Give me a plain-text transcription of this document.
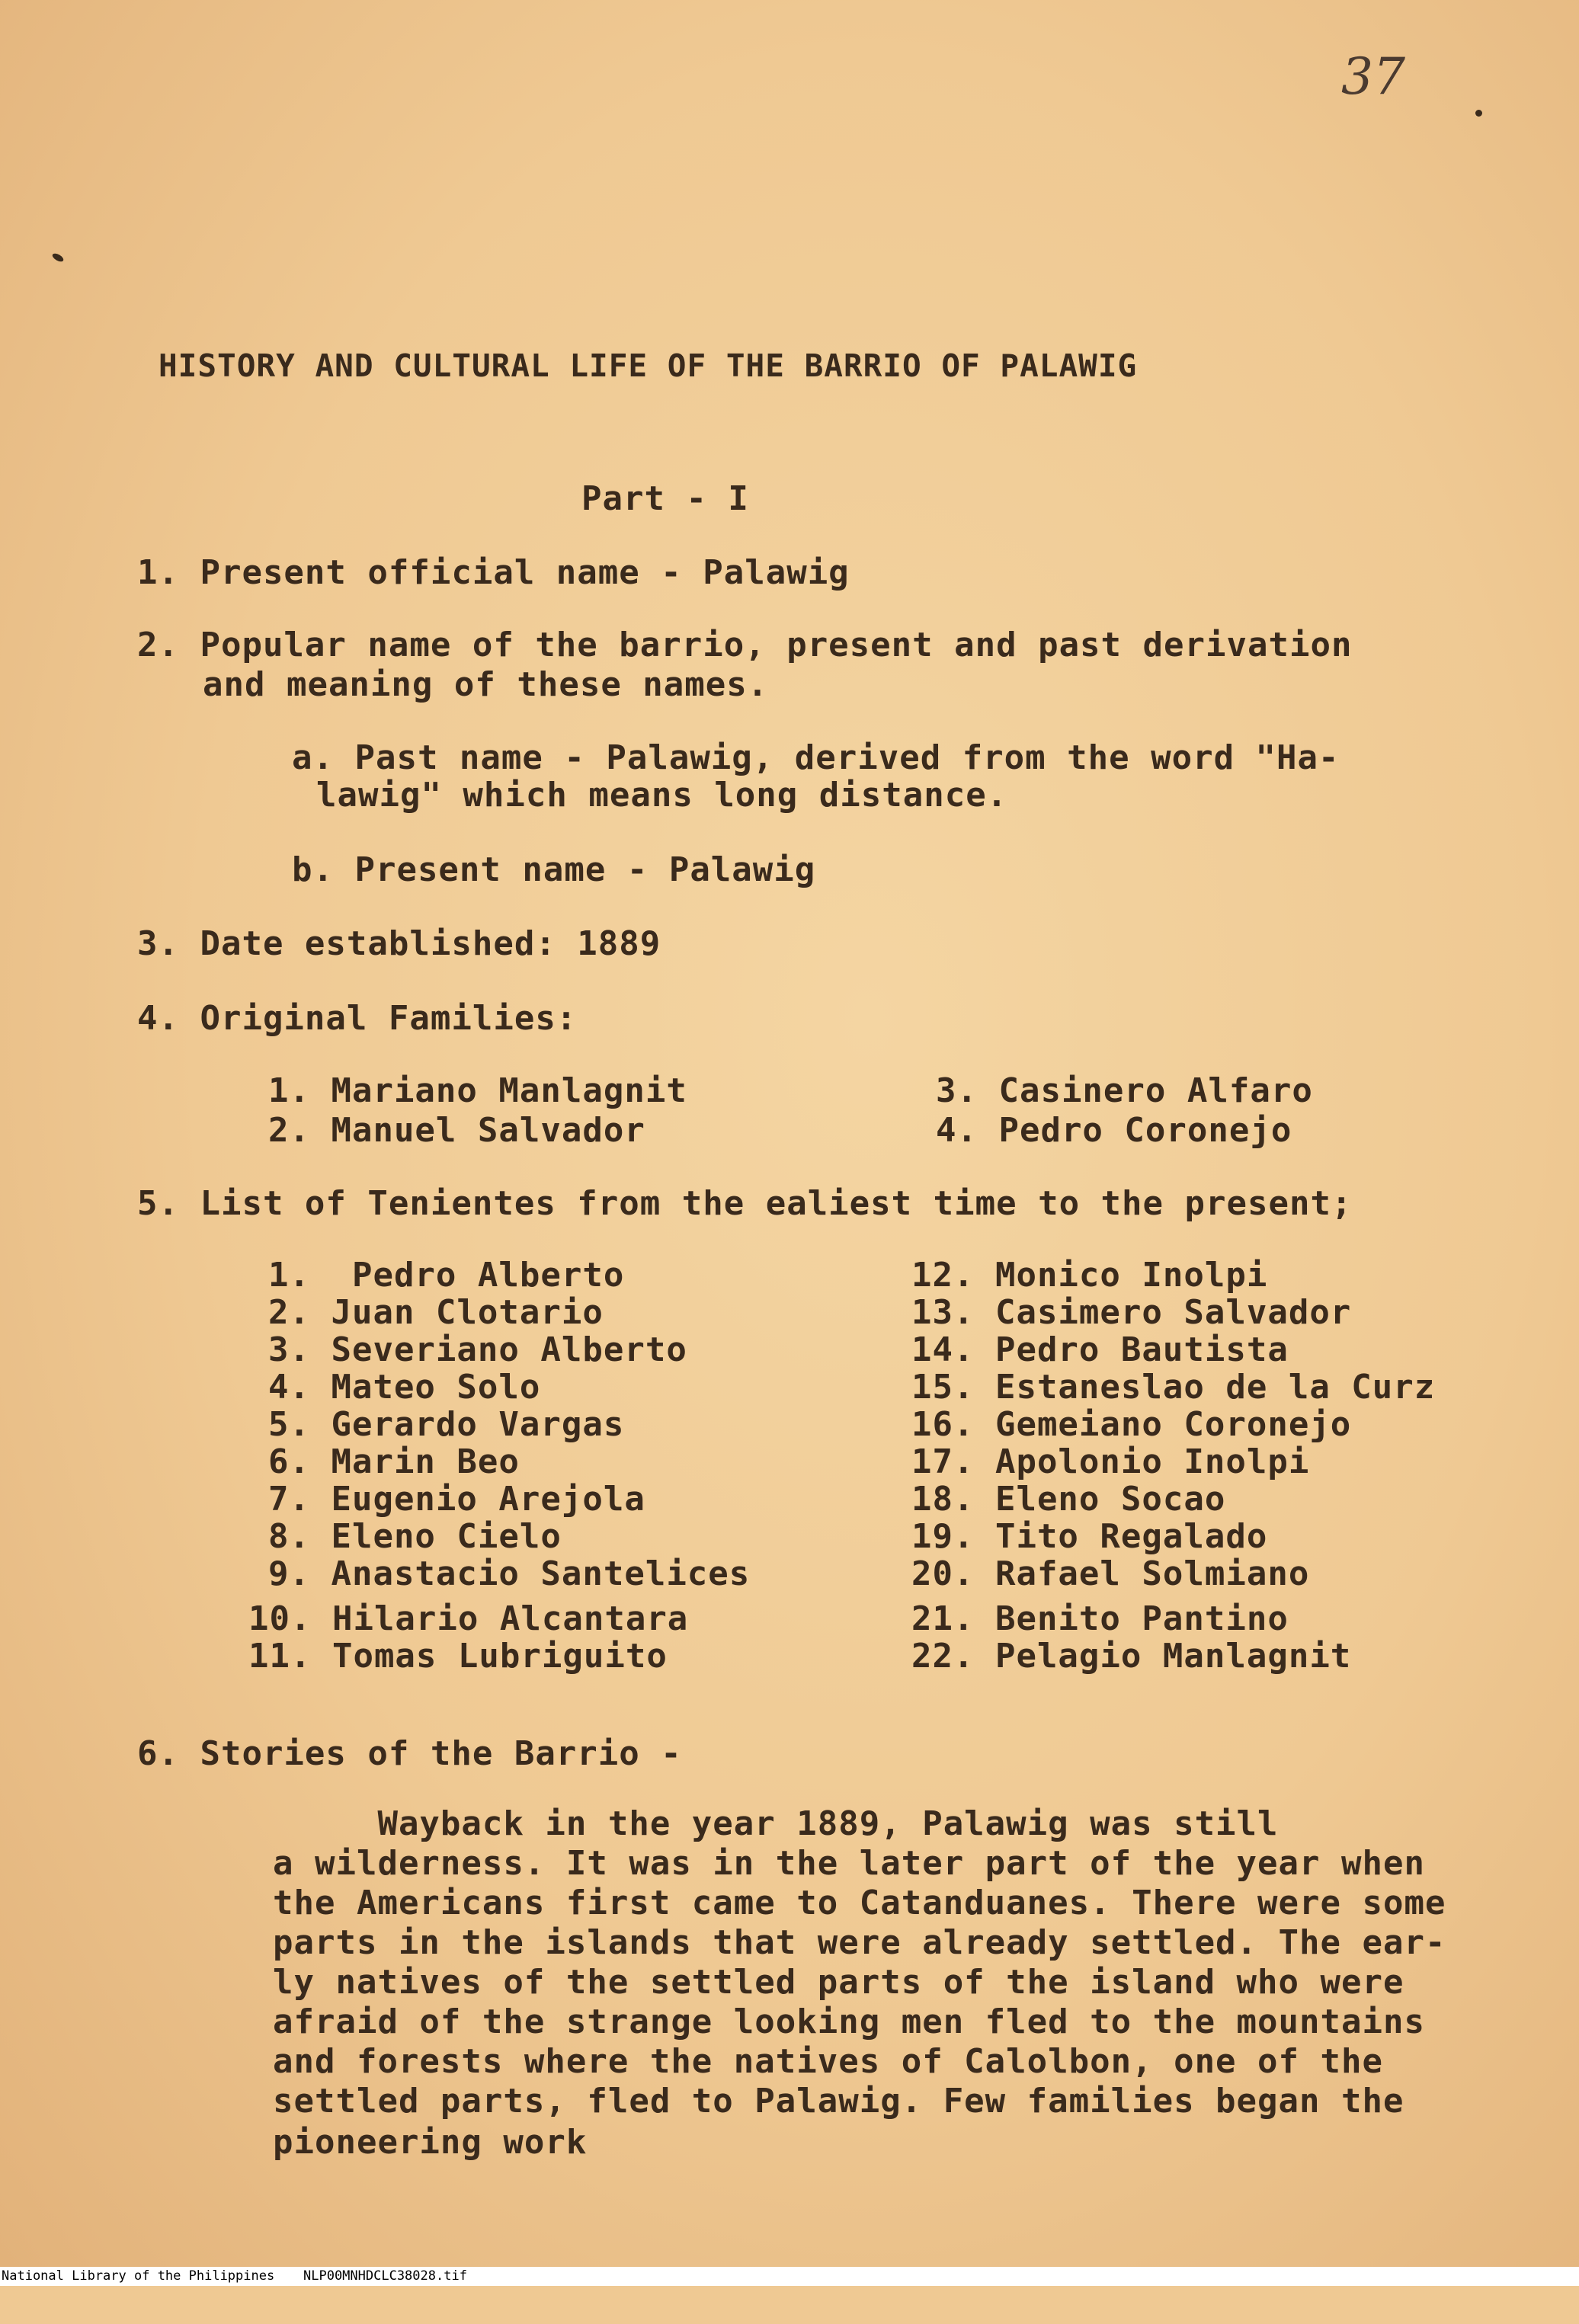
37
HISTORY AND CULTURAL LIFE OF THE BARRIO OF PALAWIG
Part - I
1. Present official name - Palawig
2. Popular name of the barrio, present and past derivation
and meaning of these names.
a. Past name - Palawig, derived from the word "Ha-
lawig" which means long distance.
b. Present name - Palawig
3. Date established: 1889
4. Original Families:
1. Mariano Manlagnit
2. Manuel Salvador
3. Casinero Alfaro
4. Pedro Coronejo
5. List of Tenientes from the ealiest time to the present;
1.  Pedro Alberto
2. Juan Clotario
3. Severiano Alberto
4. Mateo Solo
5. Gerardo Vargas
6. Marin Beo
7. Eugenio Arejola
8. Eleno Cielo
9. Anastacio Santelices
10. Hilario Alcantara
11. Tomas Lubriguito
12. Monico Inolpi
13. Casimero Salvador
14. Pedro Bautista
15. Estaneslao de la Curz
16. Gemeiano Coronejo
17. Apolonio Inolpi
18. Eleno Socao
19. Tito Regalado
20. Rafael Solmiano
21. Benito Pantino
22. Pelagio Manlagnit
6. Stories of the Barrio -
Wayback in the year 1889, Palawig was still
a wilderness. It was in the later part of the year when
the Americans first came to Catanduanes. There were some
parts in the islands that were already settled. The ear-
ly natives of the settled parts of the island who were
afraid of the strange looking men fled to the mountains
and forests where the natives of Calolbon, one of the
settled parts, fled to Palawig. Few families began the
pioneering work

National Library of the Philippines

NLP00MNHDCLC38028.tif
